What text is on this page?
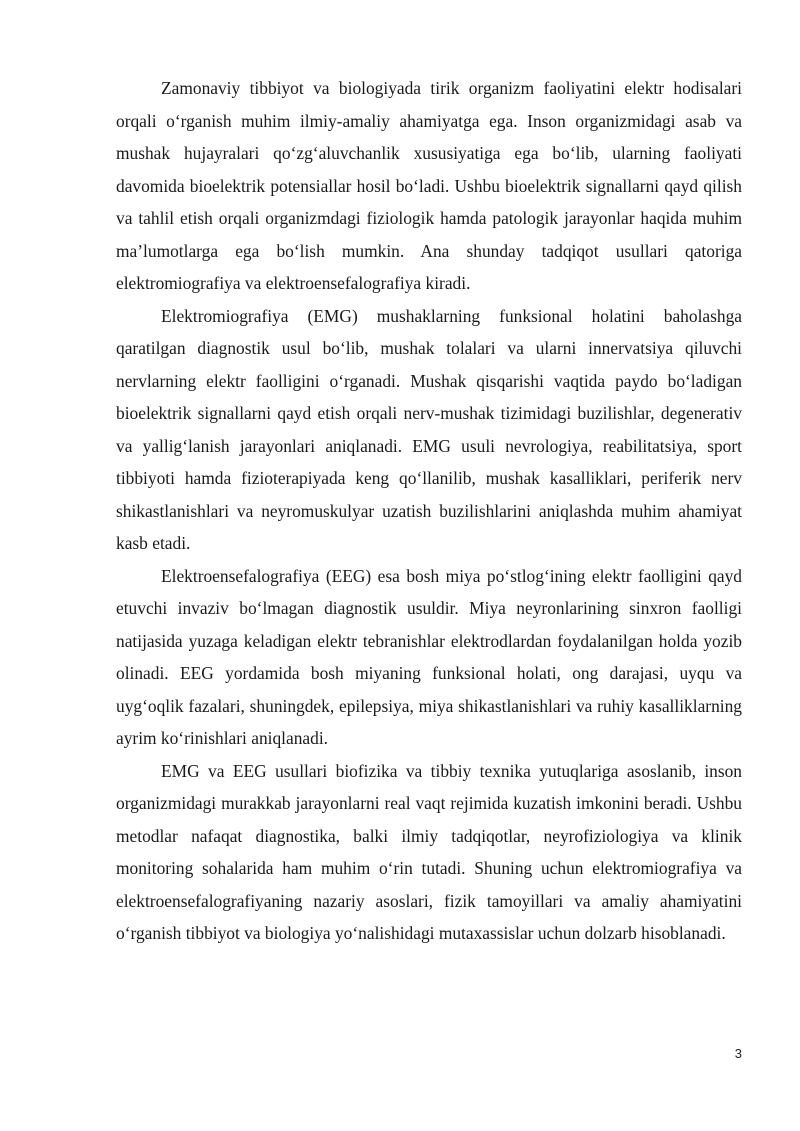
Zamonaviy tibbiyot va biologiyada tirik organizm faoliyatini elektr hodisalari orqali o‘rganish muhim ilmiy-amaliy ahamiyatga ega. Inson organizmidagi asab va mushak hujayralari qo‘zg‘aluvchanlik xususiyatiga ega bo‘lib, ularning faoliyati davomida bioelektrik potensiallar hosil bo‘ladi. Ushbu bioelektrik signallarni qayd qilish va tahlil etish orqali organizmdagi fiziologik hamda patologik jarayonlar haqida muhim ma’lumotlarga ega bo‘lish mumkin. Ana shunday tadqiqot usullari qatoriga elektromiografiya va elektroensefalografiya kiradi.

Elektromiografiya (EMG) mushaklarning funksional holatini baholashga qaratilgan diagnostik usul bo‘lib, mushak tolalari va ularni innervatsiya qiluvchi nervlarning elektr faolligini o‘rganadi. Mushak qisqarishi vaqtida paydo bo‘ladigan bioelektrik signallarni qayd etish orqali nerv-mushak tizimidagi buzilishlar, degenerativ va yallig‘lanish jarayonlari aniqlanadi. EMG usuli nevrologiya, reabilitatsiya, sport tibbiyoti hamda fizioterapiyada keng qo‘llanilib, mushak kasalliklari, periferik nerv shikastlanishlari va neyromuskulyar uzatish buzilishlarini aniqlashda muhim ahamiyat kasb etadi.

Elektroensefalografiya (EEG) esa bosh miya po‘stlog‘ining elektr faolligini qayd etuvchi invaziv bo‘lmagan diagnostik usuldir. Miya neyronlarining sinxron faolligi natijasida yuzaga keladigan elektr tebranishlar elektrodlardan foydalanilgan holda yozib olinadi. EEG yordamida bosh miyaning funksional holati, ong darajasi, uyqu va uyg‘oqlik fazalari, shuningdek, epilepsiya, miya shikastlanishlari va ruhiy kasalliklarning ayrim ko‘rinishlari aniqlanadi.

EMG va EEG usullari biofizika va tibbiy texnika yutuqlariga asoslanib, inson organizmidagi murakkab jarayonlarni real vaqt rejimida kuzatish imkonini beradi. Ushbu metodlar nafaqat diagnostika, balki ilmiy tadqiqotlar, neyrofiziologiya va klinik monitoring sohalarida ham muhim o‘rin tutadi. Shuning uchun elektromiografiya va elektroensefalografiyaning nazariy asoslari, fizik tamoyillari va amaliy ahamiyatini o‘rganish tibbiyot va biologiya yo‘nalishidagi mutaxassislar uchun dolzarb hisoblanadi.

3
